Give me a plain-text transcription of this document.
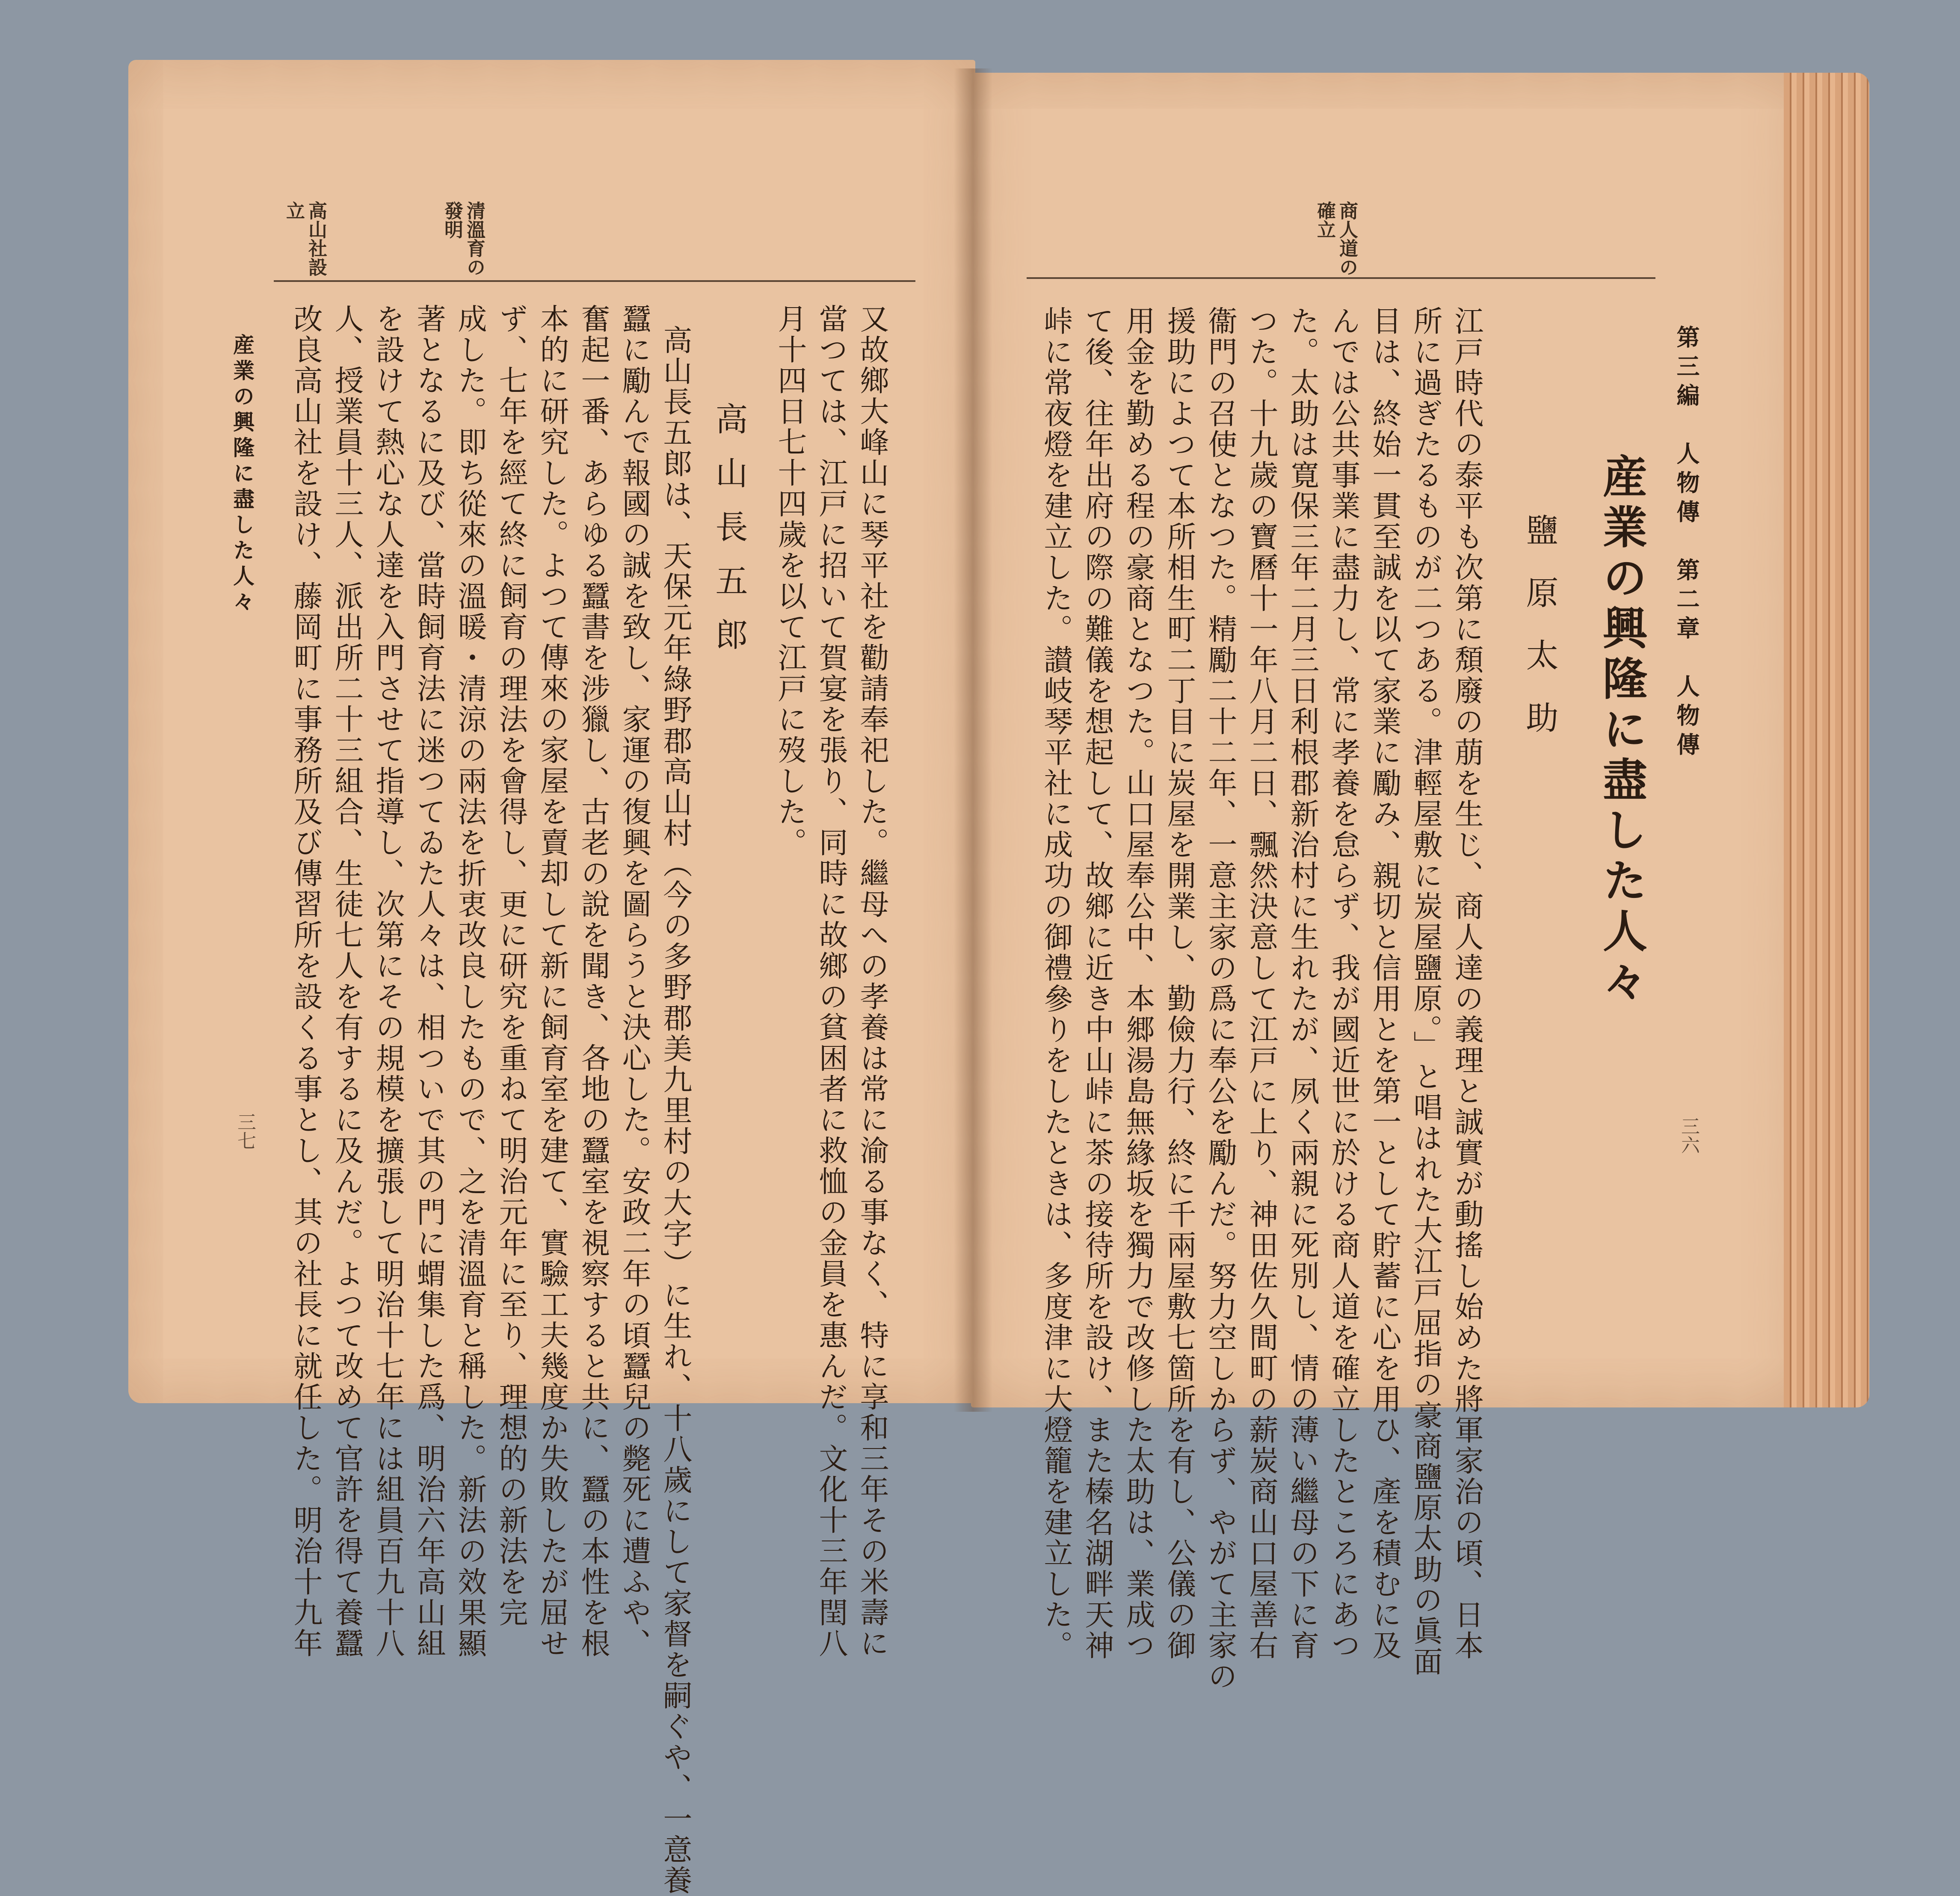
商人道の 確立
第三編　人物傳　第二章　人物傳
産業の興隆に盡した人々
鹽原太助
三六
江戸時代の泰平も次第に頽廢の萠を生じ、商人達の義理と誠實が動搖し始めた將軍家治の頃、日本
所に過ぎたるものが二つある。津輕屋敷に炭屋鹽原。」と唱はれた大江戸屈指の豪商鹽原太助の眞面
目は、終始一貫至誠を以て家業に勵み、親切と信用とを第一として貯蓄に心を用ひ、產を積むに及
んでは公共事業に盡力し、常に孝養を怠らず、我が國近世に於ける商人道を確立したところにあつ
た。太助は寛保三年二月三日利根郡新治村に生れたが、夙く兩親に死別し、情の薄い繼母の下に育
つた。十九歲の寶曆十一年八月二日、飄然決意して江戸に上り、神田佐久間町の薪炭商山口屋善右
衞門の召使となつた。精勵二十二年、一意主家の爲に奉公を勵んだ。努力空しからず、やがて主家の
援助によつて本所相生町二丁目に炭屋を開業し、勤儉力行、終に千兩屋敷七箇所を有し、公儀の御
用金を勤める程の豪商となつた。山口屋奉公中、本郷湯島無緣坂を獨力で改修した太助は、業成つ
て後、往年出府の際の難儀を想起して、故鄉に近き中山峠に茶の接待所を設け、また榛名湖畔天神
峠に常夜燈を建立した。讃岐琴平社に成功の御禮參りをしたときは、多度津に大燈籠を建立した。
清溫育の 發明
高山社設 立
産業の興隆に盡した人々	高山長五郎
三七	又故鄉大峰山に琴平社を勸請奉祀した。繼母への孝養は常に渝る事なく、特に享和三年その米壽に
當つては、江戸に招いて賀宴を張り、同時に故鄉の貧困者に救恤の金員を惠んだ。文化十三年閏八
月十四日七十四歲を以て江戸に歿した。
高山長五郎は、天保元年綠野郡高山村（今の多野郡美九里村の大字）に生れ、十八歲にして家督を嗣ぐや、一意養
蠶に勵んで報國の誠を致し、家運の復興を圖らうと決心した。安政二年の頃蠶兒の斃死に遭ふや、
奮起一番、あらゆる蠶書を涉獵し、古老の說を聞き、各地の蠶室を視察すると共に、蠶の本性を根
本的に研究した。よつて傳來の家屋を賣却して新に飼育室を建て、實驗工夫幾度か失敗したが屈せ
ず、七年を經て終に飼育の理法を會得し、更に研究を重ねて明治元年に至り、理想的の新法を完
成した。即ち從來の溫暖・清涼の兩法を折衷改良したもので、之を清溫育と稱した。新法の效果顯
著となるに及び、當時飼育法に迷つてゐた人々は、相ついで其の門に蝟集した爲、明治六年高山組
を設けて熱心な人達を入門させて指導し、次第にその規模を擴張して明治十七年には組員百九十八
人、授業員十三人、派出所二十三組合、生徒七人を有するに及んだ。よつて改めて官許を得て養蠶
改良高山社を設け、藤岡町に事務所及び傳習所を設くる事とし、其の社長に就任した。明治十九年
